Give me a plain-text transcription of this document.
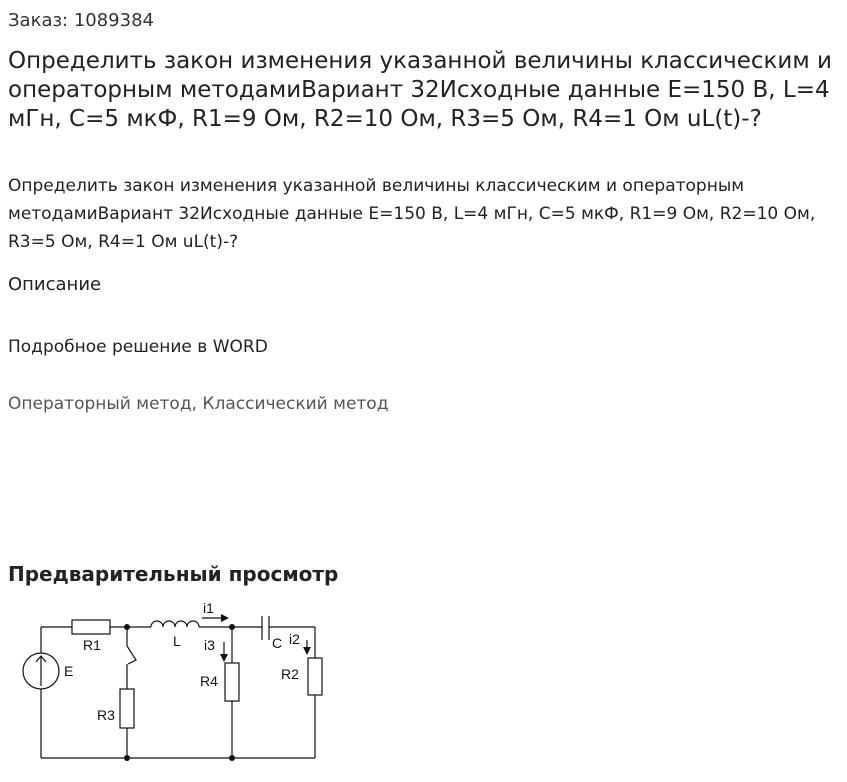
Заказ: 1089384
Определить закон изменения указанной величины классическим и операторным методамиВариант 32Исходные данные E=150 В, L=4 мГн, C=5 мкФ, R1=9 Ом, R2=10 Ом, R3=5 Ом, R4=1 Ом uL(t)-?
Определить закон изменения указанной величины классическим и операторным методамиВариант 32Исходные данные E=150 В, L=4 мГн, C=5 мкФ, R1=9 Ом, R2=10 Ом, R3=5 Ом, R4=1 Ом uL(t)-?
Описание
Подробное решение в WORD
Операторный метод, Классический метод
Предварительный просмотр
R1	L
i1
C
E
R3
i3
R4
i2
R2
